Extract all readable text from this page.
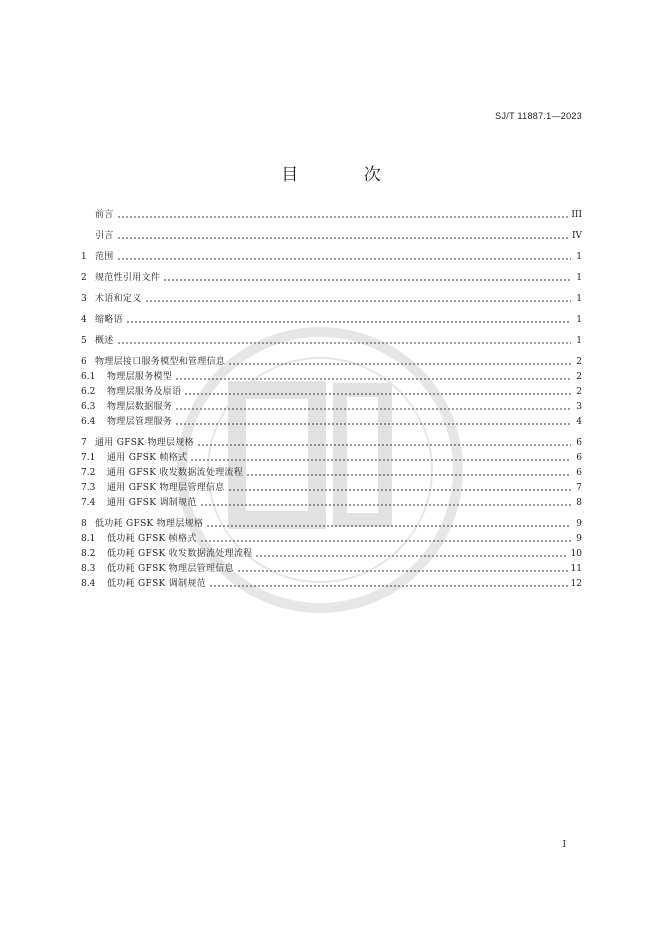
SJ/T 11887.1—2023
目 次
前言	III
引言	IV
1 范围	1
2 规范性引用文件	1
3 术语和定义	1
4 缩略语	1
5 概述	1
6 物理层接口服务模型和管理信息	2
6.1	物理层服务模型	2
6.2	物理层服务及原语	2
6.3	物理层数据服务	3
6.4	物理层管理服务	4
7 通用 GFSK 物理层规格	6
7.1	通用 GFSK 帧格式	6
7.2	通用 GFSK 收发数据流处理流程	6
7.3	通用 GFSK 物理层管理信息	7
7.4	通用 GFSK 调制规范	8
8 低功耗 GFSK 物理层规格	9
8.1	低功耗 GFSK 帧格式	9
8.2	低功耗 GFSK 收发数据流处理流程	10
8.3	低功耗 GFSK 物理层管理信息	11
8.4	低功耗 GFSK 调制规范	12
I
